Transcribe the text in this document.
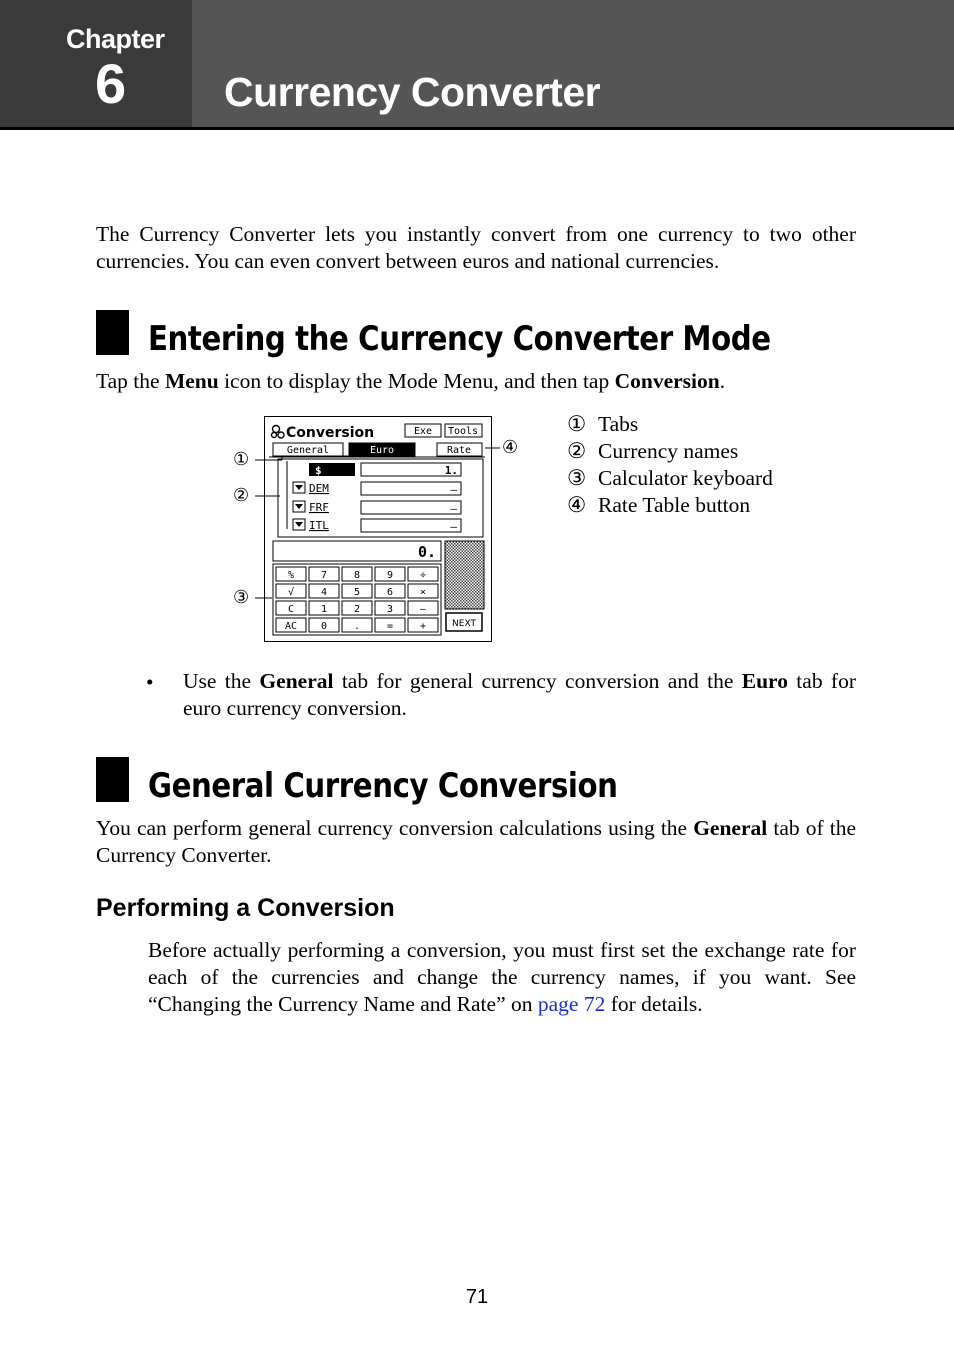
Chapter
6 Currency Converter
The Currency Converter lets you instantly convert from one currency to two other currencies. You can even convert between euros and national currencies.
Entering the Currency Converter Mode
Tap the Menu icon to display the Mode Menu, and then tap Conversion.
Conversion	Exe Tools
General	Euro	Rate
$	1.
DEM	–
FRF	–
ITL	–
0.
%	7	8	9	÷
√	4	5	6	×
C	1	2	3	–
AC 0	.	=	+	NEXT
①
②
③
④
① Tabs
② Currency names
③ Calculator keyboard
④ Rate Table button
• Use the General tab for general currency conversion and the Euro tab for euro currency conversion.
General Currency Conversion
You can perform general currency conversion calculations using the General tab of the Currency Converter.
Performing a Conversion
Before actually performing a conversion, you must first set the exchange rate for each of the currencies and change the currency names, if you want. See “Changing the Currency Name and Rate” on page 72 for details.
71
